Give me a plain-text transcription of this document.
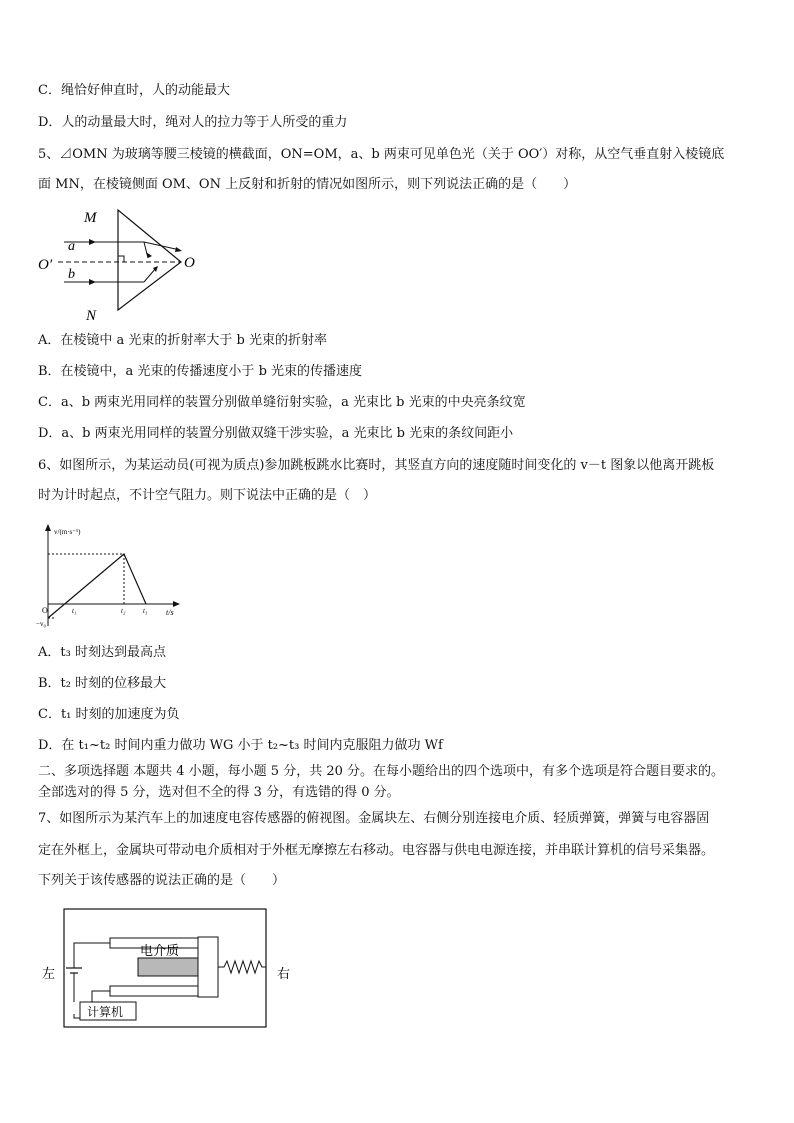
C．绳恰好伸直时，人的动能最大
D．人的动量最大时，绳对人的拉力等于人所受的重力
5、⊿OMN 为玻璃等腰三棱镜的横截面，ON=OM，a、b 两束可见单色光（关于 OO′）对称，从空气垂直射入棱镜底
面 MN，在棱镜侧面 OM、ON 上反射和折射的情况如图所示，则下列说法正确的是（　　）
M
N
O
O′
a
b
A．在棱镜中 a 光束的折射率大于 b 光束的折射率
B．在棱镜中，a 光束的传播速度小于 b 光束的传播速度
C．a、b 两束光用同样的装置分别做单缝衍射实验，a 光束比 b 光束的中央亮条纹宽
D．a、b 两束光用同样的装置分别做双缝干涉实验，a 光束比 b 光束的条纹间距小
6、如图所示，为某运动员(可视为质点)参加跳板跳水比赛时，其竖直方向的速度随时间变化的 v－t 图象以他离开跳板
时为计时起点，不计空气阻力。则下说法中正确的是（　）
v/(m·s⁻¹)
t/s
O	t₁	t₂	t₃
−v₀
A．t₃ 时刻达到最高点
B．t₂ 时刻的位移最大
C．t₁ 时刻的加速度为负
D．在 t₁~t₂ 时间内重力做功 WG 小于 t₂~t₃ 时间内克服阻力做功 Wf
二、多项选择题 本题共 4 小题，每小题 5 分，共 20 分。在每小题给出的四个选项中，有多个选项是符合题目要求的。
全部选对的得 5 分，选对但不全的得 3 分，有选错的得 0 分。
7、如图所示为某汽车上的加速度电容传感器的俯视图。金属块左、右侧分别连接电介质、轻质弹簧，弹簧与电容器固
定在外框上，金属块可带动电介质相对于外框无摩擦左右移动。电容器与供电电源连接，并串联计算机的信号采集器。
下列关于该传感器的说法正确的是（　　）
电介质
左	右
计算机
